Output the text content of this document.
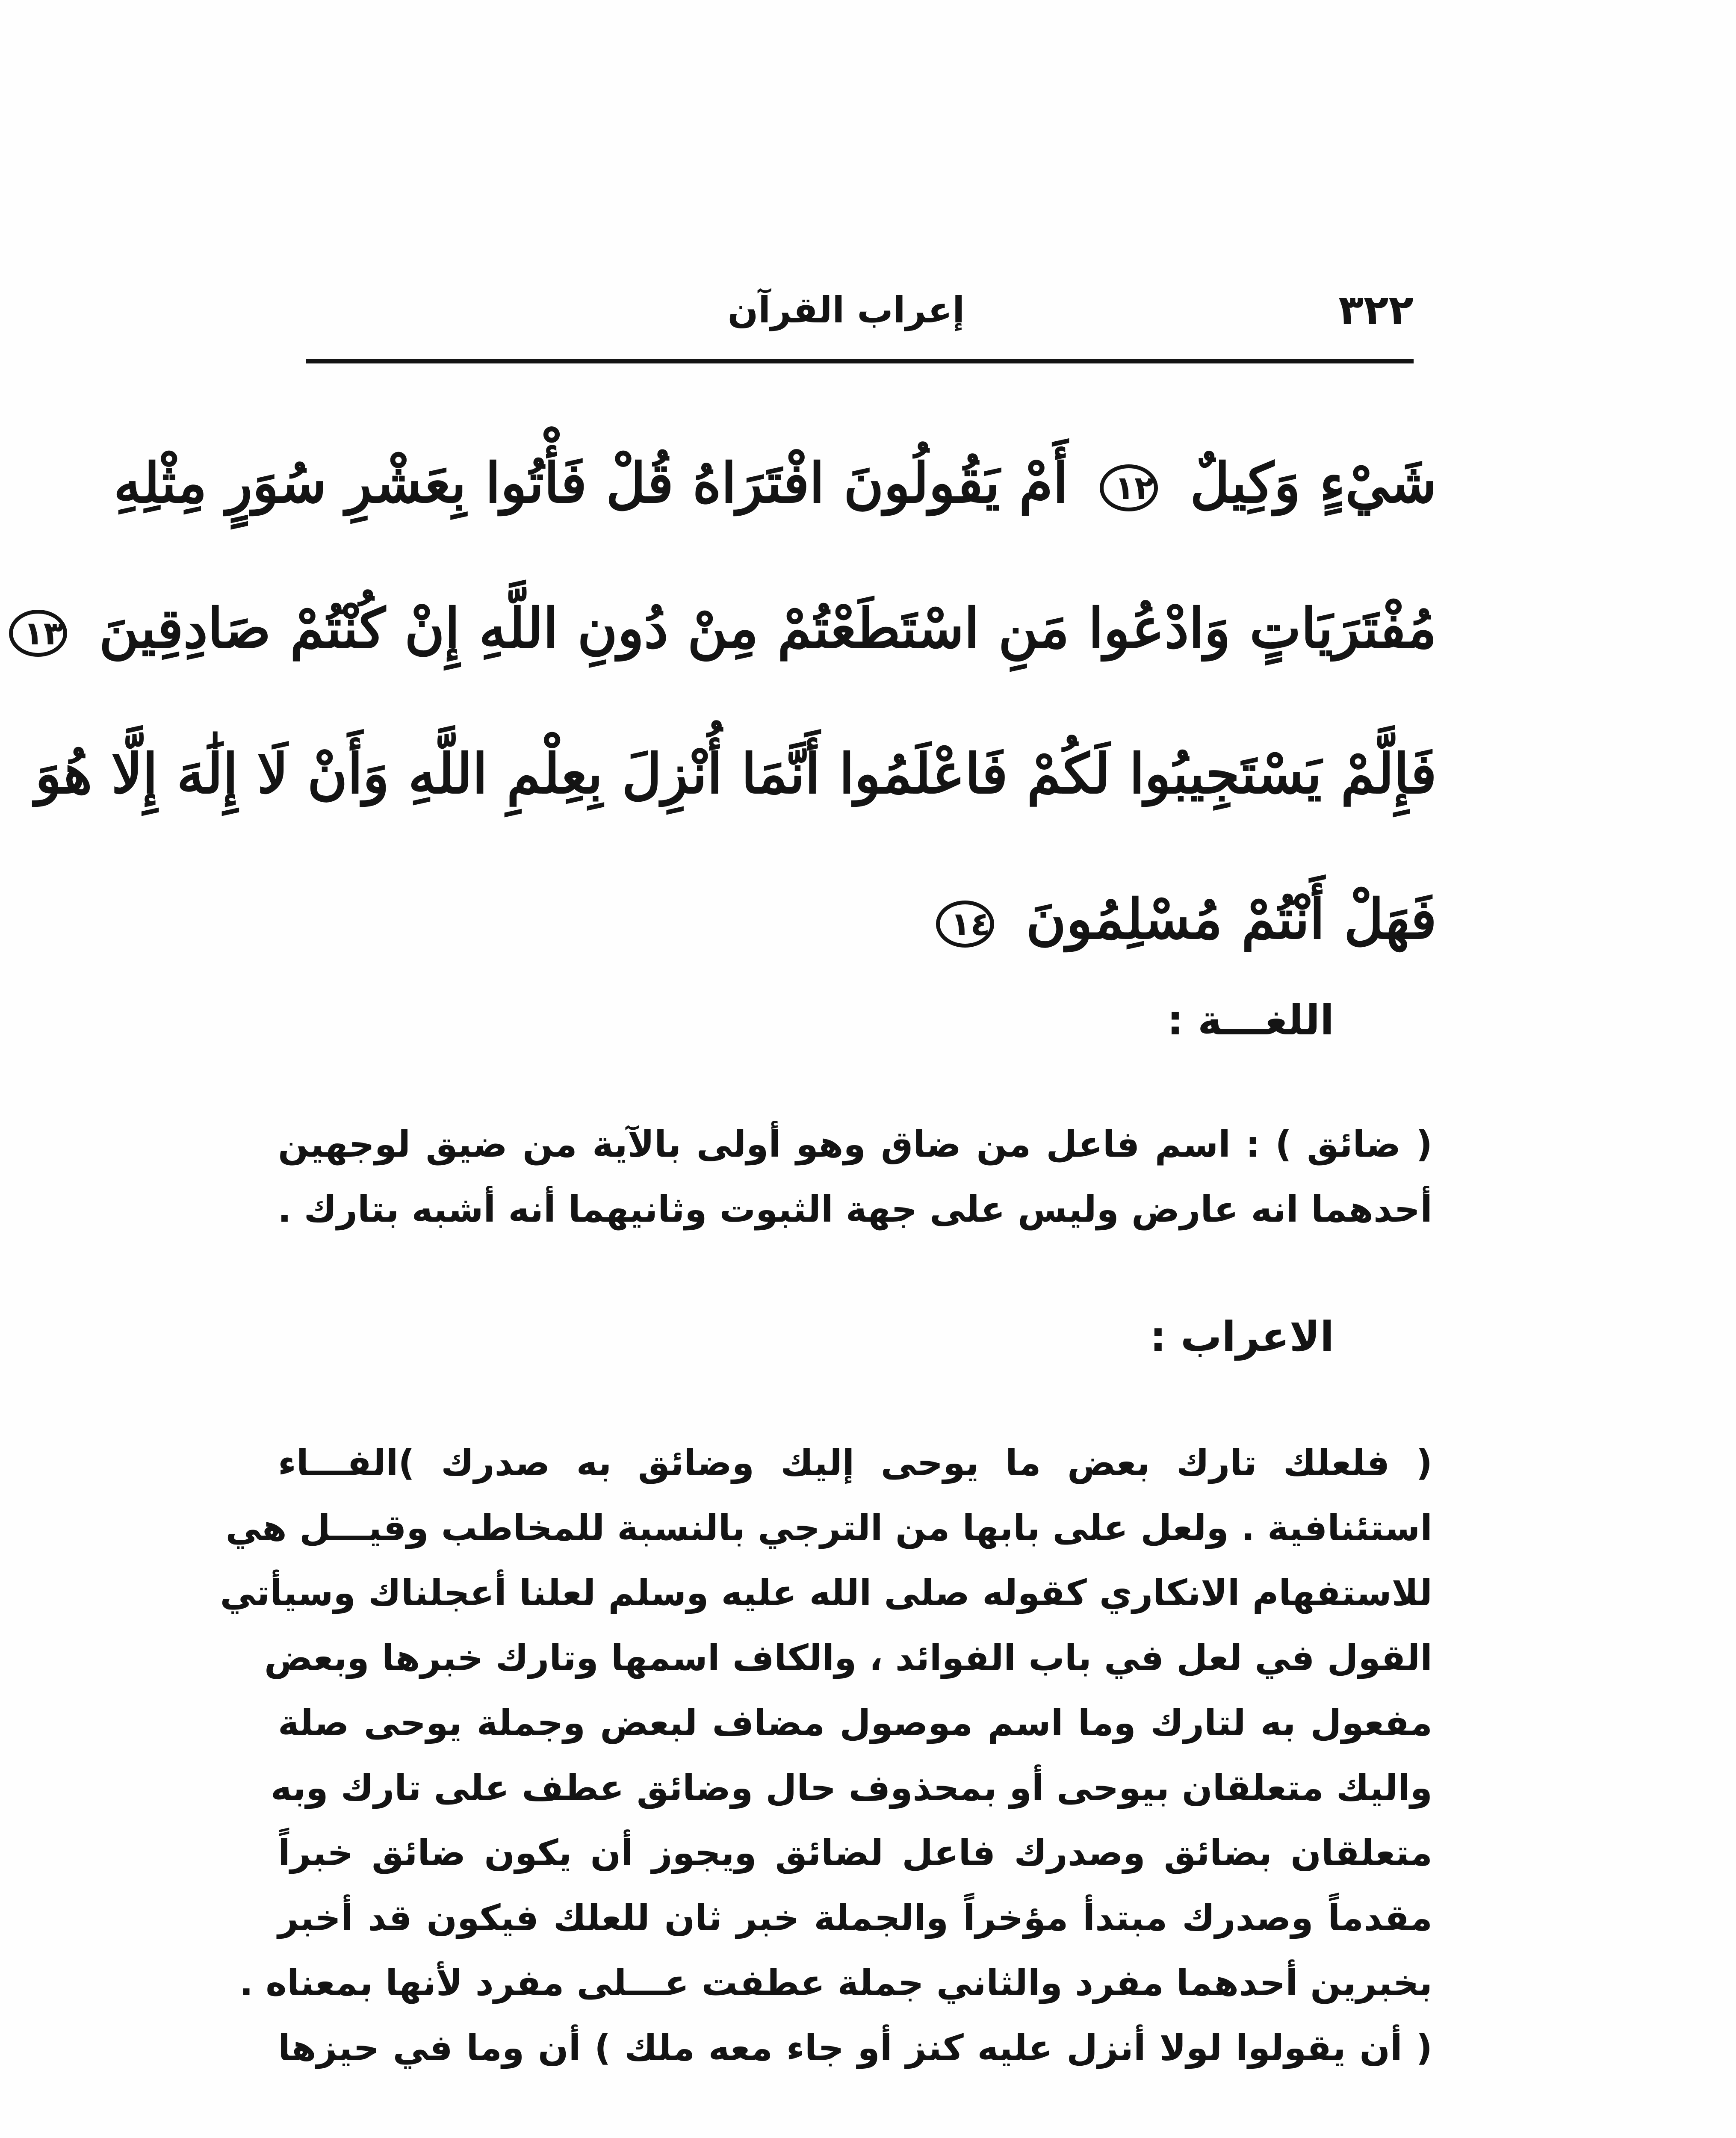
٣٢٢
إعراب القرآن
شَيْءٍ وَكِيلٌ ١٢ أَمْ يَقُولُونَ افْتَرَاهُ قُلْ فَأْتُوا بِعَشْرِ سُوَرٍ مِثْلِهِ
مُفْتَرَيَاتٍ وَادْعُوا مَنِ اسْتَطَعْتُمْ مِنْ دُونِ اللَّهِ إِنْ كُنْتُمْ صَادِقِينَ ١٣
فَإِلَّمْ يَسْتَجِيبُوا لَكُمْ فَاعْلَمُوا أَنَّمَا أُنْزِلَ بِعِلْمِ اللَّهِ وَأَنْ لَا إِلَٰهَ إِلَّا هُوَ
فَهَلْ أَنْتُمْ مُسْلِمُونَ ١٤
اللغـــة :
( ضائق ) : اسم فاعل من ضاق وهو أولى بالآية من ضيق لوجهين
أحدهما انه عارض وليس على جهة الثبوت وثانيهما أنه أشبه بتارك .
الاعراب :
( فلعلك تارك بعض ما يوحى إليك وضائق به صدرك )الفـــاء
استئنافية . ولعل على بابها من الترجي بالنسبة للمخاطب وقيـــل هي
للاستفهام الانكاري كقوله صلى الله عليه وسلم لعلنا أعجلناك وسيأتي
القول في لعل في باب الفوائد ، والكاف اسمها وتارك خبرها وبعض
مفعول به لتارك وما اسم موصول مضاف لبعض وجملة يوحى صلة
واليك متعلقان بيوحى أو بمحذوف حال وضائق عطف على تارك وبه
متعلقان بضائق وصدرك فاعل لضائق ويجوز أن يكون ضائق خبراً
مقدماً وصدرك مبتدأ مؤخراً والجملة خبر ثان للعلك فيكون قد أخبر
بخبرين أحدهما مفرد والثاني جملة عطفت عـــلى مفرد لأنها بمعناه .
( أن يقولوا لولا أنزل عليه كنز أو جاء معه ملك ) أن وما في حيزها
